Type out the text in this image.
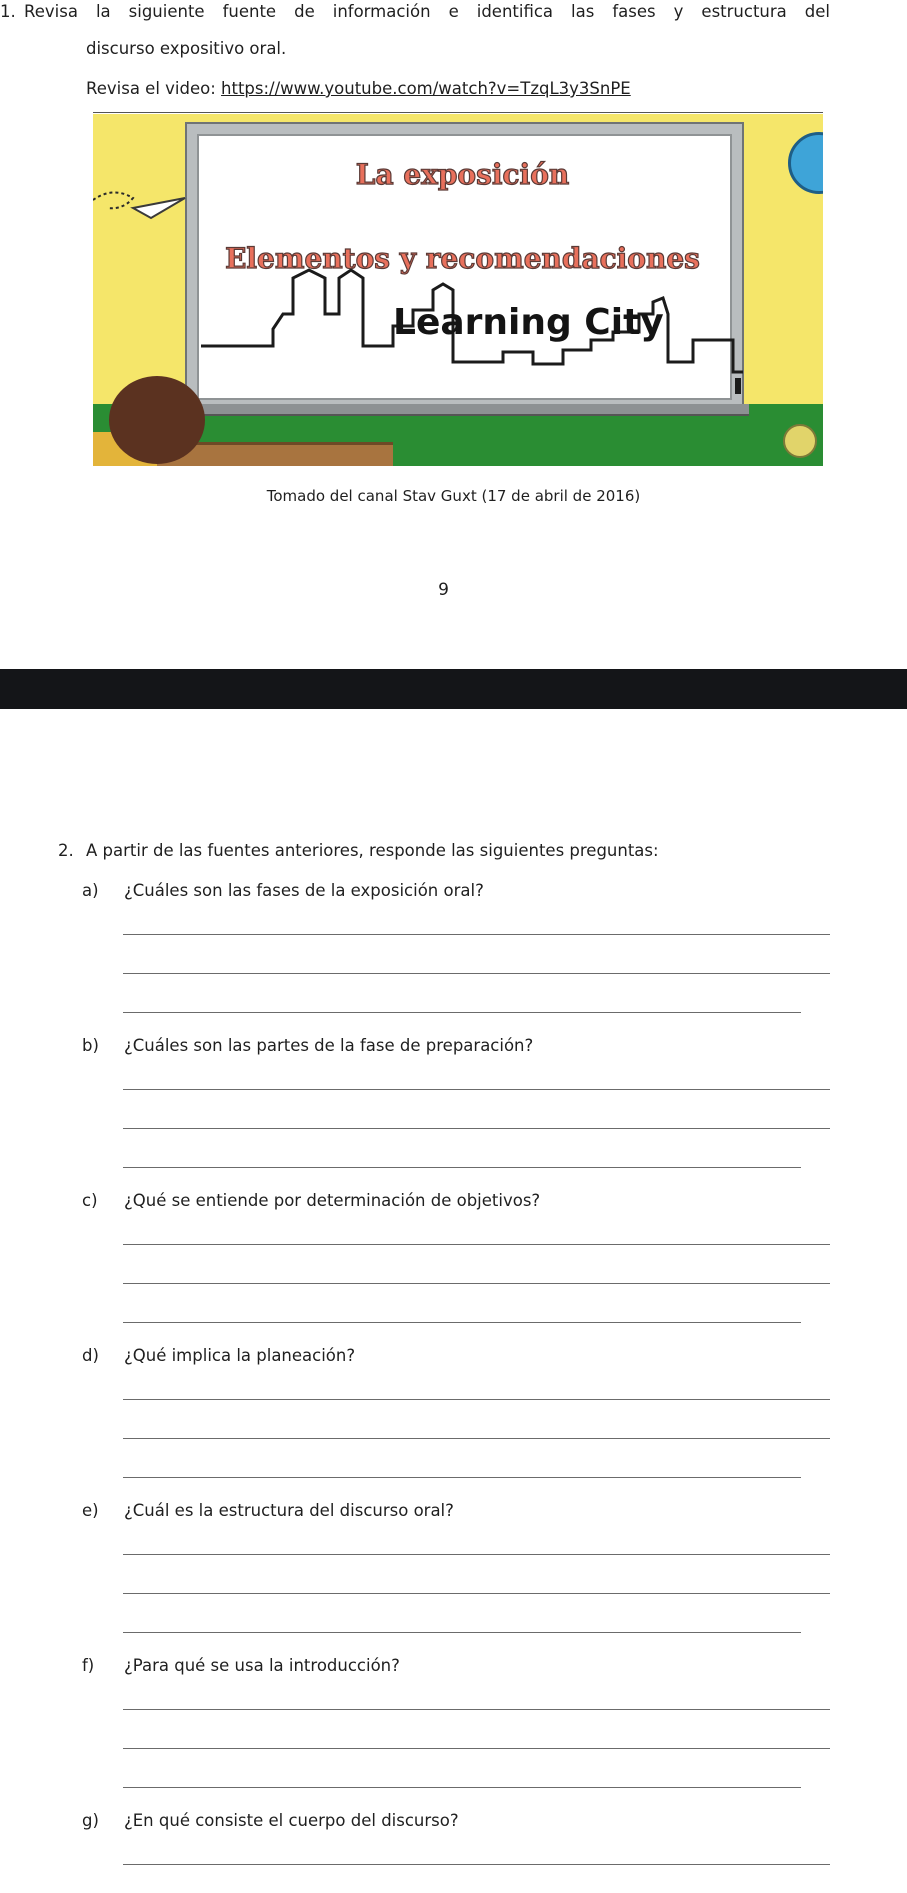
1. Revisa la siguiente fuente de información e identifica las fases y estructura del
discurso expositivo oral.
Revisa el video: https://www.youtube.com/watch?v=TzqL3y3SnPE
La exposición
Elementos y recomendaciones
Learning City
Tomado del canal Stav Guxt (17 de abril de 2016)
9
2. A partir de las fuentes anteriores, responde las siguientes preguntas:
a) ¿Cuáles son las fases de la exposición oral?
b) ¿Cuáles son las partes de la fase de preparación?
c) ¿Qué se entiende por determinación de objetivos?
d) ¿Qué implica la planeación?
e) ¿Cuál es la estructura del discurso oral?
f) ¿Para qué se usa la introducción?
g) ¿En qué consiste el cuerpo del discurso?
